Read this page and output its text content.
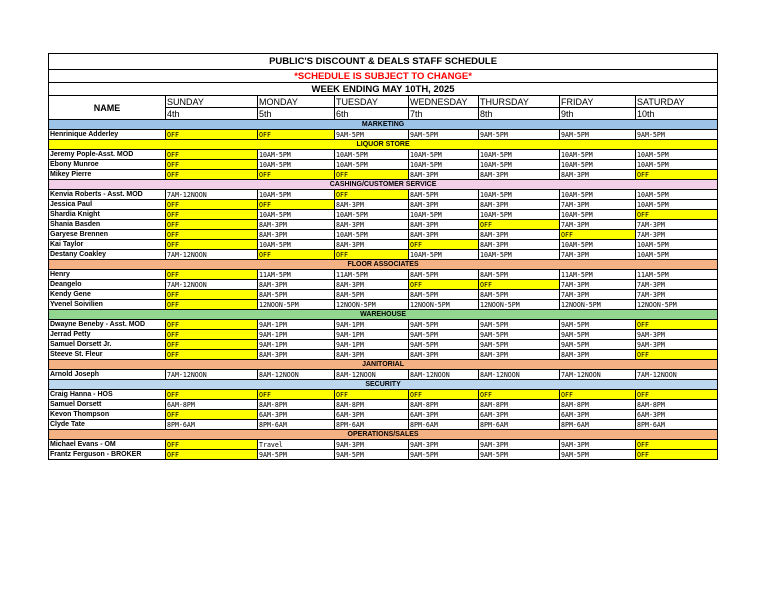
PUBLIC'S DISCOUNT & DEALS STAFF SCHEDULE							
*SCHEDULE IS SUBJECT TO CHANGE*							
WEEK ENDING MAY 10TH, 2025							
NAME	SUNDAY	MONDAY	TUESDAY	WEDNESDAY	THURSDAY	FRIDAY	SATURDAY
	4th	5th	6th	7th	8th	9th	10th
MARKETING							
Henrinique Adderley	OFF	OFF	9AM-5PM	9AM-5PM	9AM-5PM	9AM-5PM	9AM-5PM
LIQUOR STORE							
Jeremy Pople-Asst. MOD	OFF	10AM-5PM	10AM-5PM	10AM-5PM	10AM-5PM	10AM-5PM	10AM-5PM
Ebony Munroe	OFF	10AM-5PM	10AM-5PM	10AM-5PM	10AM-5PM	10AM-5PM	10AM-5PM
Mikey Pierre	OFF	OFF	OFF	8AM-3PM	8AM-3PM	8AM-3PM	OFF
CASHING/CUSTOMER SERVICE							
Kenvia Roberts - Asst. MOD	7AM-12NOON	10AM-5PM	OFF	8AM-5PM	10AM-5PM	10AM-5PM	10AM-5PM
Jessica Paul	OFF	OFF	8AM-3PM	8AM-3PM	8AM-3PM	7AM-3PM	10AM-5PM
Shardia Knight	OFF	10AM-5PM	10AM-5PM	10AM-5PM	10AM-5PM	10AM-5PM	OFF
Shania Basden	OFF	8AM-3PM	8AM-3PM	8AM-3PM	OFF	7AM-3PM	7AM-3PM
Garyese Brennen	OFF	8AM-3PM	10AM-5PM	8AM-3PM	8AM-3PM	OFF	7AM-3PM
Kai Taylor	OFF	10AM-5PM	8AM-3PM	OFF	8AM-3PM	10AM-5PM	10AM-5PM
Destany Coakley	7AM-12NOON	OFF	OFF	10AM-5PM	10AM-5PM	7AM-3PM	10AM-5PM
FLOOR ASSOCIATES							
Henry	OFF	11AM-5PM	11AM-5PM	8AM-5PM	8AM-5PM	11AM-5PM	11AM-5PM
Deangelo	7AM-12NOON	8AM-3PM	8AM-3PM	OFF	OFF	7AM-3PM	7AM-3PM
Kendy Gene	OFF	8AM-5PM	8AM-5PM	8AM-5PM	8AM-5PM	7AM-3PM	7AM-3PM
Yvenel Soivilien	OFF	12NOON-5PM	12NOON-5PM	12NOON-5PM	12NOON-5PM	12NOON-5PM	12NOON-5PM
WAREHOUSE							
Dwayne Beneby - Asst. MOD	OFF	9AM-1PM	9AM-1PM	9AM-5PM	9AM-5PM	9AM-5PM	OFF
Jerrad Petty	OFF	9AM-1PM	9AM-1PM	9AM-5PM	9AM-5PM	9AM-5PM	9AM-3PM
Samuel Dorsett Jr.	OFF	9AM-1PM	9AM-1PM	9AM-5PM	9AM-5PM	9AM-5PM	9AM-3PM
Steeve St. Fleur	OFF	8AM-3PM	8AM-3PM	8AM-3PM	8AM-3PM	8AM-3PM	OFF
JANITORIAL							
Arnold Joseph	7AM-12NOON	8AM-12NOON	8AM-12NOON	8AM-12NOON	8AM-12NOON	7AM-12NOON	7AM-12NOON
SECURITY							
Craig Hanna - HOS	OFF	OFF	OFF	OFF	OFF	OFF	OFF
Samuel Dorsett	6AM-8PM	8AM-8PM	8AM-8PM	8AM-8PM	8AM-8PM	8AM-8PM	8AM-8PM
Kevon Thompson	OFF	6AM-3PM	6AM-3PM	6AM-3PM	6AM-3PM	6AM-3PM	6AM-3PM
Clyde Tate	8PM-6AM	8PM-6AM	8PM-6AM	8PM-6AM	8PM-6AM	8PM-6AM	8PM-6AM
OPERATIONS/SALES							
Michael Evans - OM	OFF	Travel	9AM-3PM	9AM-3PM	9AM-3PM	9AM-3PM	OFF
Frantz Ferguson - BROKER	OFF	9AM-5PM	9AM-5PM	9AM-5PM	9AM-5PM	9AM-5PM	OFF
